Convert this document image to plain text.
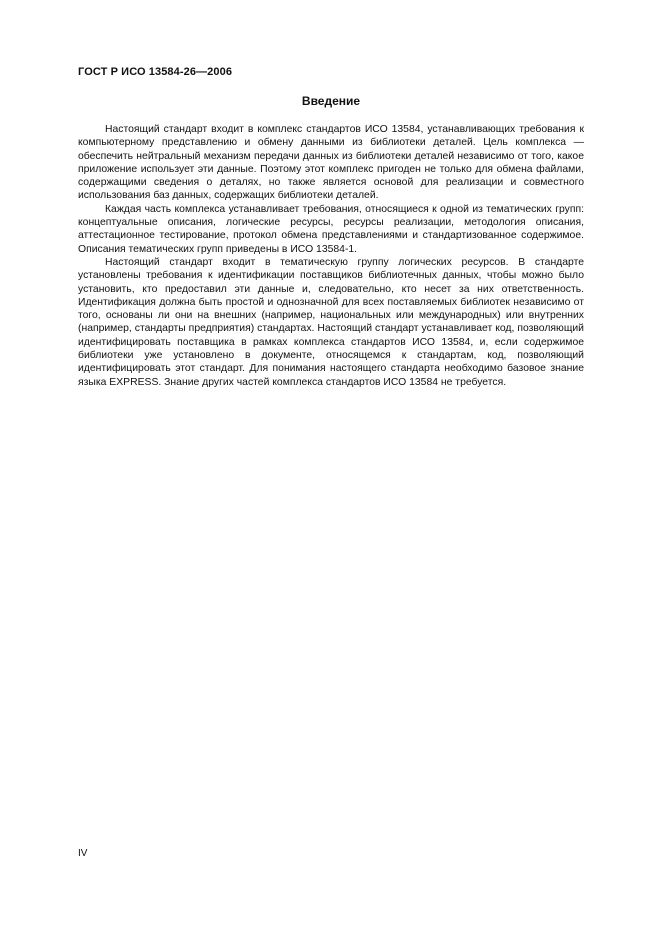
ГОСТ Р ИСО 13584-26—2006
Введение

Настоящий стандарт входит в комплекс стандартов ИСО 13584, устанавливающих требования к компьютерному представлению и обмену данными из библиотеки деталей. Цель комплекса — обеспечить нейтральный механизм передачи данных из библиотеки деталей независимо от того, какое приложение использует эти данные. Поэтому этот комплекс пригоден не только для обмена файлами, содержащими сведения о деталях, но также является основой для реализации и совместного использования баз данных, содержащих библиотеки деталей.

Каждая часть комплекса устанавливает требования, относящиеся к одной из тематических групп: концептуальные описания, логические ресурсы, ресурсы реализации, методология описания, аттестационное тестирование, протокол обмена представлениями и стандартизованное содержимое. Описания тематических групп приведены в ИСО 13584-1.

Настоящий стандарт входит в тематическую группу логических ресурсов. В стандарте установлены требования к идентификации поставщиков библиотечных данных, чтобы можно было установить, кто предоставил эти данные и, следовательно, кто несет за них ответственность. Идентификация должна быть простой и однозначной для всех поставляемых библиотек независимо от того, основаны ли они на внешних (например, национальных или международных) или внутренних (например, стандарты предприятия) стандартах. Настоящий стандарт устанавливает код, позволяющий идентифицировать поставщика в рамках комплекса стандартов ИСО 13584, и, если содержимое библиотеки уже установлено в документе, относящемся к стандартам, код, позволяющий идентифицировать этот стандарт. Для понимания настоящего стандарта необходимо базовое знание языка EXPRESS. Знание других частей комплекса стандартов ИСО 13584 не требуется.

IV
